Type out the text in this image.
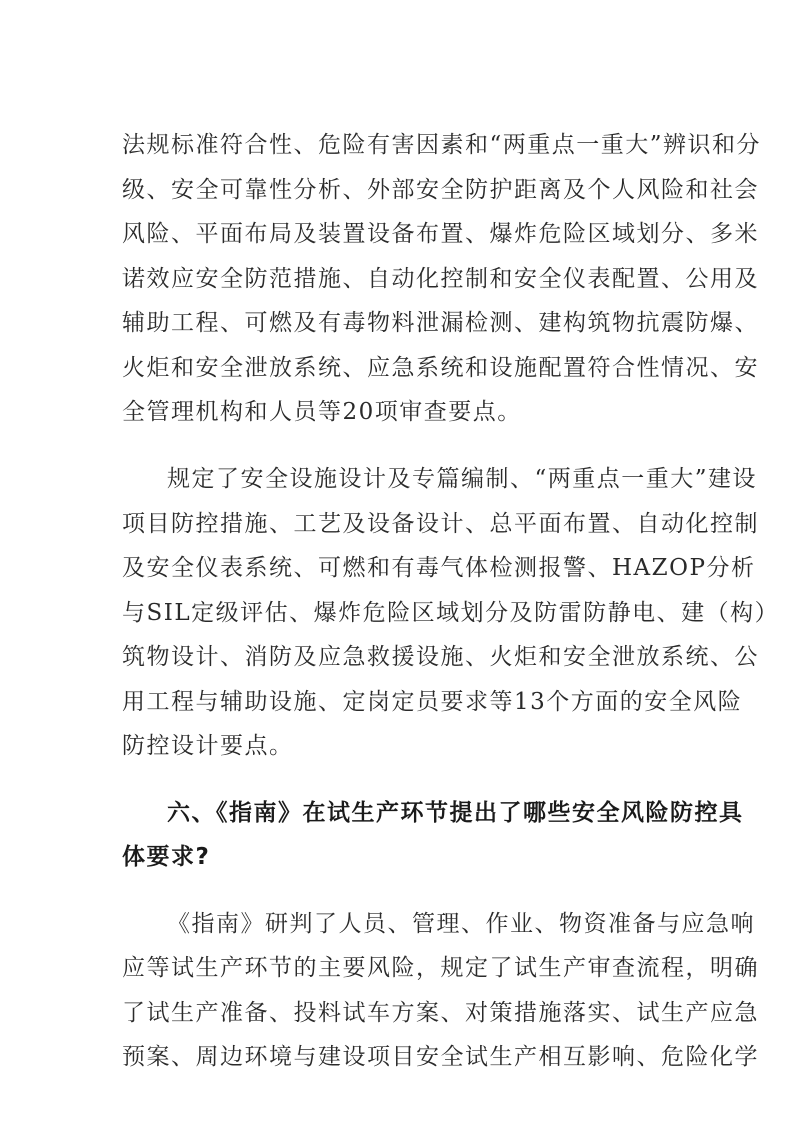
法规标准符合性、危险有害因素和“两重点一重大”辨识和分
级、安全可靠性分析、外部安全防护距离及个人风险和社会
风险、平面布局及装置设备布置、爆炸危险区域划分、多米
诺效应安全防范措施、自动化控制和安全仪表配置、公用及
辅助工程、可燃及有毒物料泄漏检测、建构筑物抗震防爆、
火炬和安全泄放系统、应急系统和设施配置符合性情况、安
全管理机构和人员等20项审查要点。
规定了安全设施设计及专篇编制、“两重点一重大”建设
项目防控措施、工艺及设备设计、总平面布置、自动化控制
及安全仪表系统、可燃和有毒气体检测报警、HAZOP分析
与SIL定级评估、爆炸危险区域划分及防雷防静电、建（构）
筑物设计、消防及应急救援设施、火炬和安全泄放系统、公
用工程与辅助设施、定岗定员要求等13个方面的安全风险
防控设计要点。
六、《指南》在试生产环节提出了哪些安全风险防控具
体要求?
《指南》研判了人员、管理、作业、物资准备与应急响
应等试生产环节的主要风险，规定了试生产审查流程，明确
了试生产准备、投料试车方案、对策措施落实、试生产应急
预案、周边环境与建设项目安全试生产相互影响、危险化学
